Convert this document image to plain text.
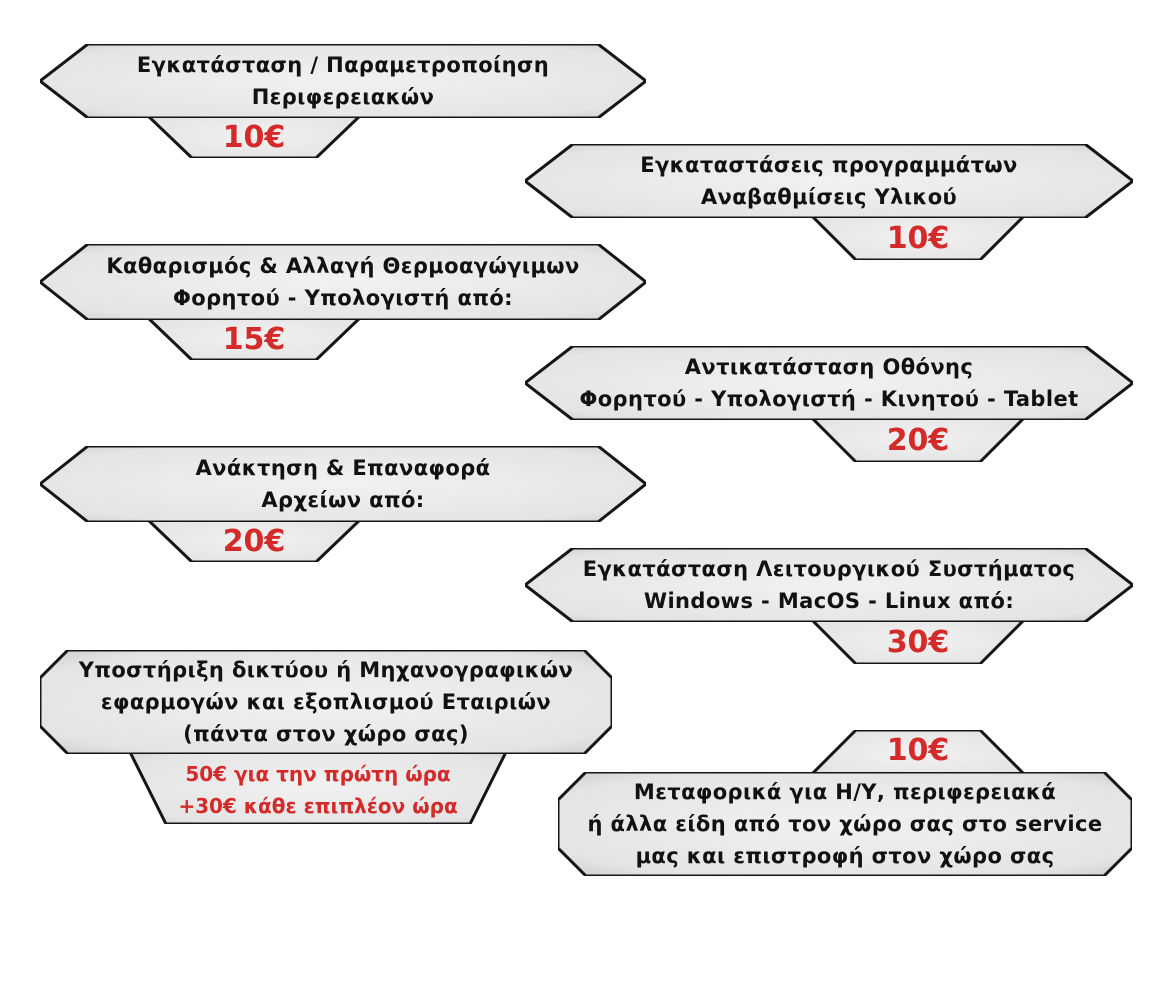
Εγκατάσταση / Παραμετροποίηση
Περιφερειακών
10€
Εγκαταστάσεις προγραμμάτων
Αναβαθμίσεις Υλικού
10€
Καθαρισμός & Αλλαγή Θερμοαγώγιμων
Φορητού - Υπολογιστή από:
15€
Αντικατάσταση Οθόνης
Φορητού - Υπολογιστή - Κινητού - Tablet
20€
Ανάκτηση & Επαναφορά
Αρχείων από:
20€
Εγκατάσταση Λειτουργικού Συστήματος
Windows - MacOS - Linux από:
30€
Υποστήριξη δικτύου ή Μηχανογραφικών
εφαρμογών και εξοπλισμού Εταιριών
(πάντα στον χώρο σας)
50€ για την πρώτη ώρα
+30€ κάθε επιπλέον ώρα
10€
Μεταφορικά για Η/Υ, περιφερειακά
ή άλλα είδη από τον χώρο σας στο service
μας και επιστροφή στον χώρο σας
